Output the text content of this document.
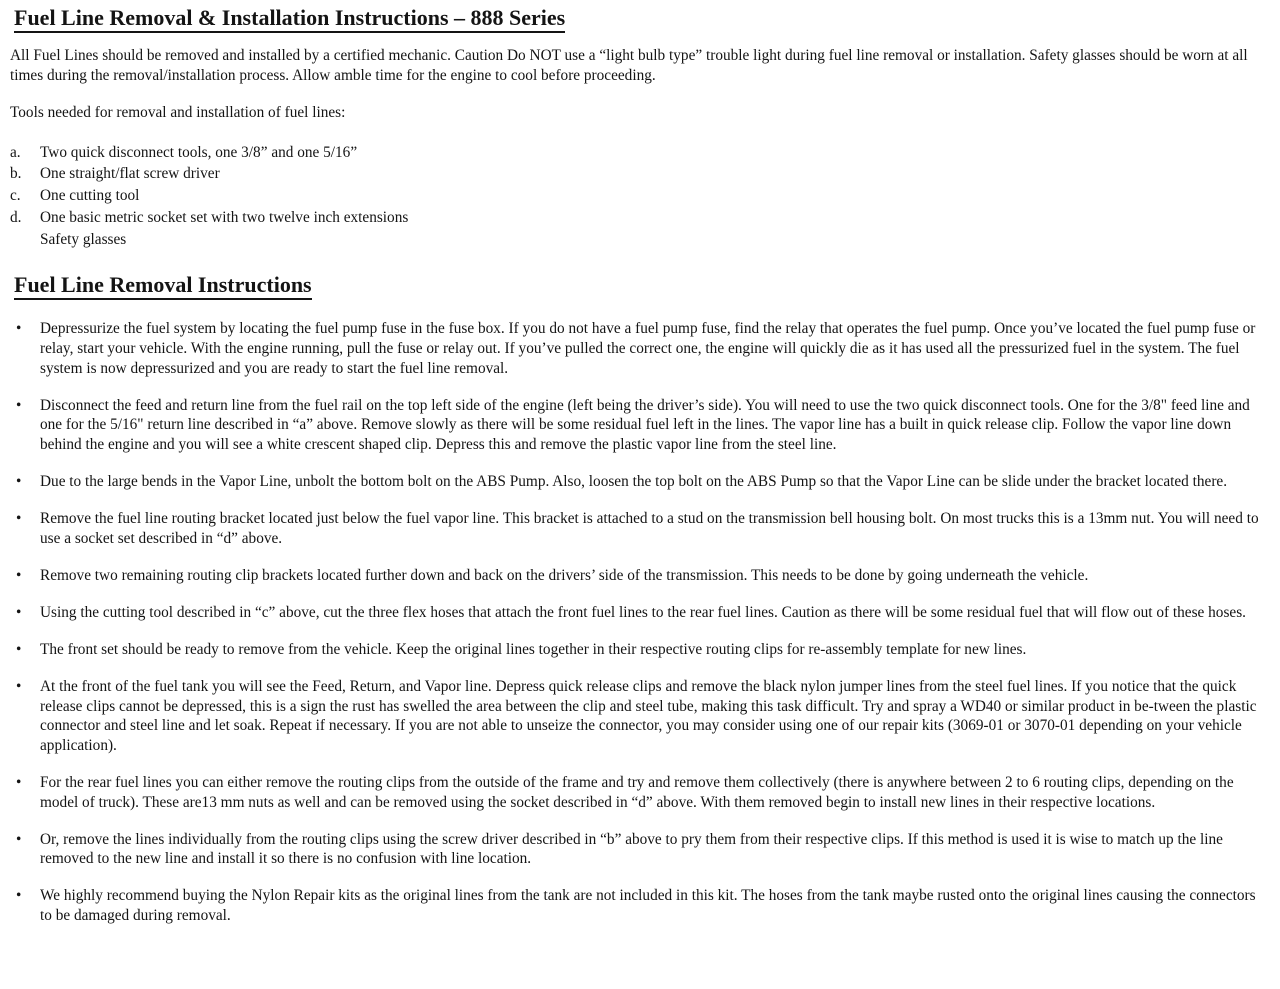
Fuel Line Removal & Installation Instructions – 888 Series

All Fuel Lines should be removed and installed by a certified mechanic. Caution Do NOT use a “light bulb type” trouble light during fuel line removal or installation. Safety glasses should be worn at all times during the removal/installation process. Allow amble time for the engine to cool before proceeding.

Tools needed for removal and installation of fuel lines:

a.	Two quick disconnect tools, one 3/8” and one 5/16”
b.	One straight/flat screw driver
c.	One cutting tool
d.	One basic metric socket set with two twelve inch extensions
Safety glasses
Fuel Line Removal Instructions
•
Depressurize the fuel system by locating the fuel pump fuse in the fuse box. If you do not have a fuel pump fuse, find the relay that operates the fuel pump. Once you’ve located the fuel pump fuse or relay, start your vehicle. With the engine running, pull the fuse or relay out. If you’ve pulled the correct one, the engine will quickly die as it has used all the pressurized fuel in the system. The fuel system is now depressurized and you are ready to start the fuel line removal.
•
Disconnect the feed and return line from the fuel rail on the top left side of the engine (left being the driver’s side). You will need to use the two quick disconnect tools. One for the 3/8" feed line and one for the 5/16" return line described in “a” above. Remove slowly as there will be some residual fuel left in the lines. The vapor line has a built in quick release clip. Follow the vapor line down behind the engine and you will see a white crescent shaped clip. Depress this and remove the plastic vapor line from the steel line.
•
Due to the large bends in the Vapor Line, unbolt the bottom bolt on the ABS Pump. Also, loosen the top bolt on the ABS Pump so that the Vapor Line can be slide under the bracket located there.
•
Remove the fuel line routing bracket located just below the fuel vapor line. This bracket is attached to a stud on the transmission bell housing bolt. On most trucks this is a 13mm nut. You will need to use a socket set described in “d” above.
•
Remove two remaining routing clip brackets located further down and back on the drivers’ side of the transmission. This needs to be done by going underneath the vehicle.
•
Using the cutting tool described in “c” above, cut the three flex hoses that attach the front fuel lines to the rear fuel lines. Caution as there will be some residual fuel that will flow out of these hoses.
•
The front set should be ready to remove from the vehicle. Keep the original lines together in their respective routing clips for re-assembly template for new lines.
•
At the front of the fuel tank you will see the Feed, Return, and Vapor line. Depress quick release clips and remove the black nylon jumper lines from the steel fuel lines. If you notice that the quick release clips cannot be depressed, this is a sign the rust has swelled the area between the clip and steel tube, making this task difficult. Try and spray a WD40 or similar product in be-tween the plastic connector and steel line and let soak. Repeat if necessary. If you are not able to unseize the connector, you may consider using one of our repair kits (3069-01 or 3070-01 depending on your vehicle application).
•
For the rear fuel lines you can either remove the routing clips from the outside of the frame and try and remove them collectively (there is anywhere between 2 to 6 routing clips, depending on the model of truck). These are13 mm nuts as well and can be removed using the socket described in “d” above. With them removed begin to install new lines in their respective locations.
•
Or, remove the lines individually from the routing clips using the screw driver described in “b” above to pry them from their respective clips. If this method is used it is wise to match up the line removed to the new line and install it so there is no confusion with line location.
•
We highly recommend buying the Nylon Repair kits as the original lines from the tank are not included in this kit. The hoses from the tank maybe rusted onto the original lines causing the connectors to be damaged during removal.
